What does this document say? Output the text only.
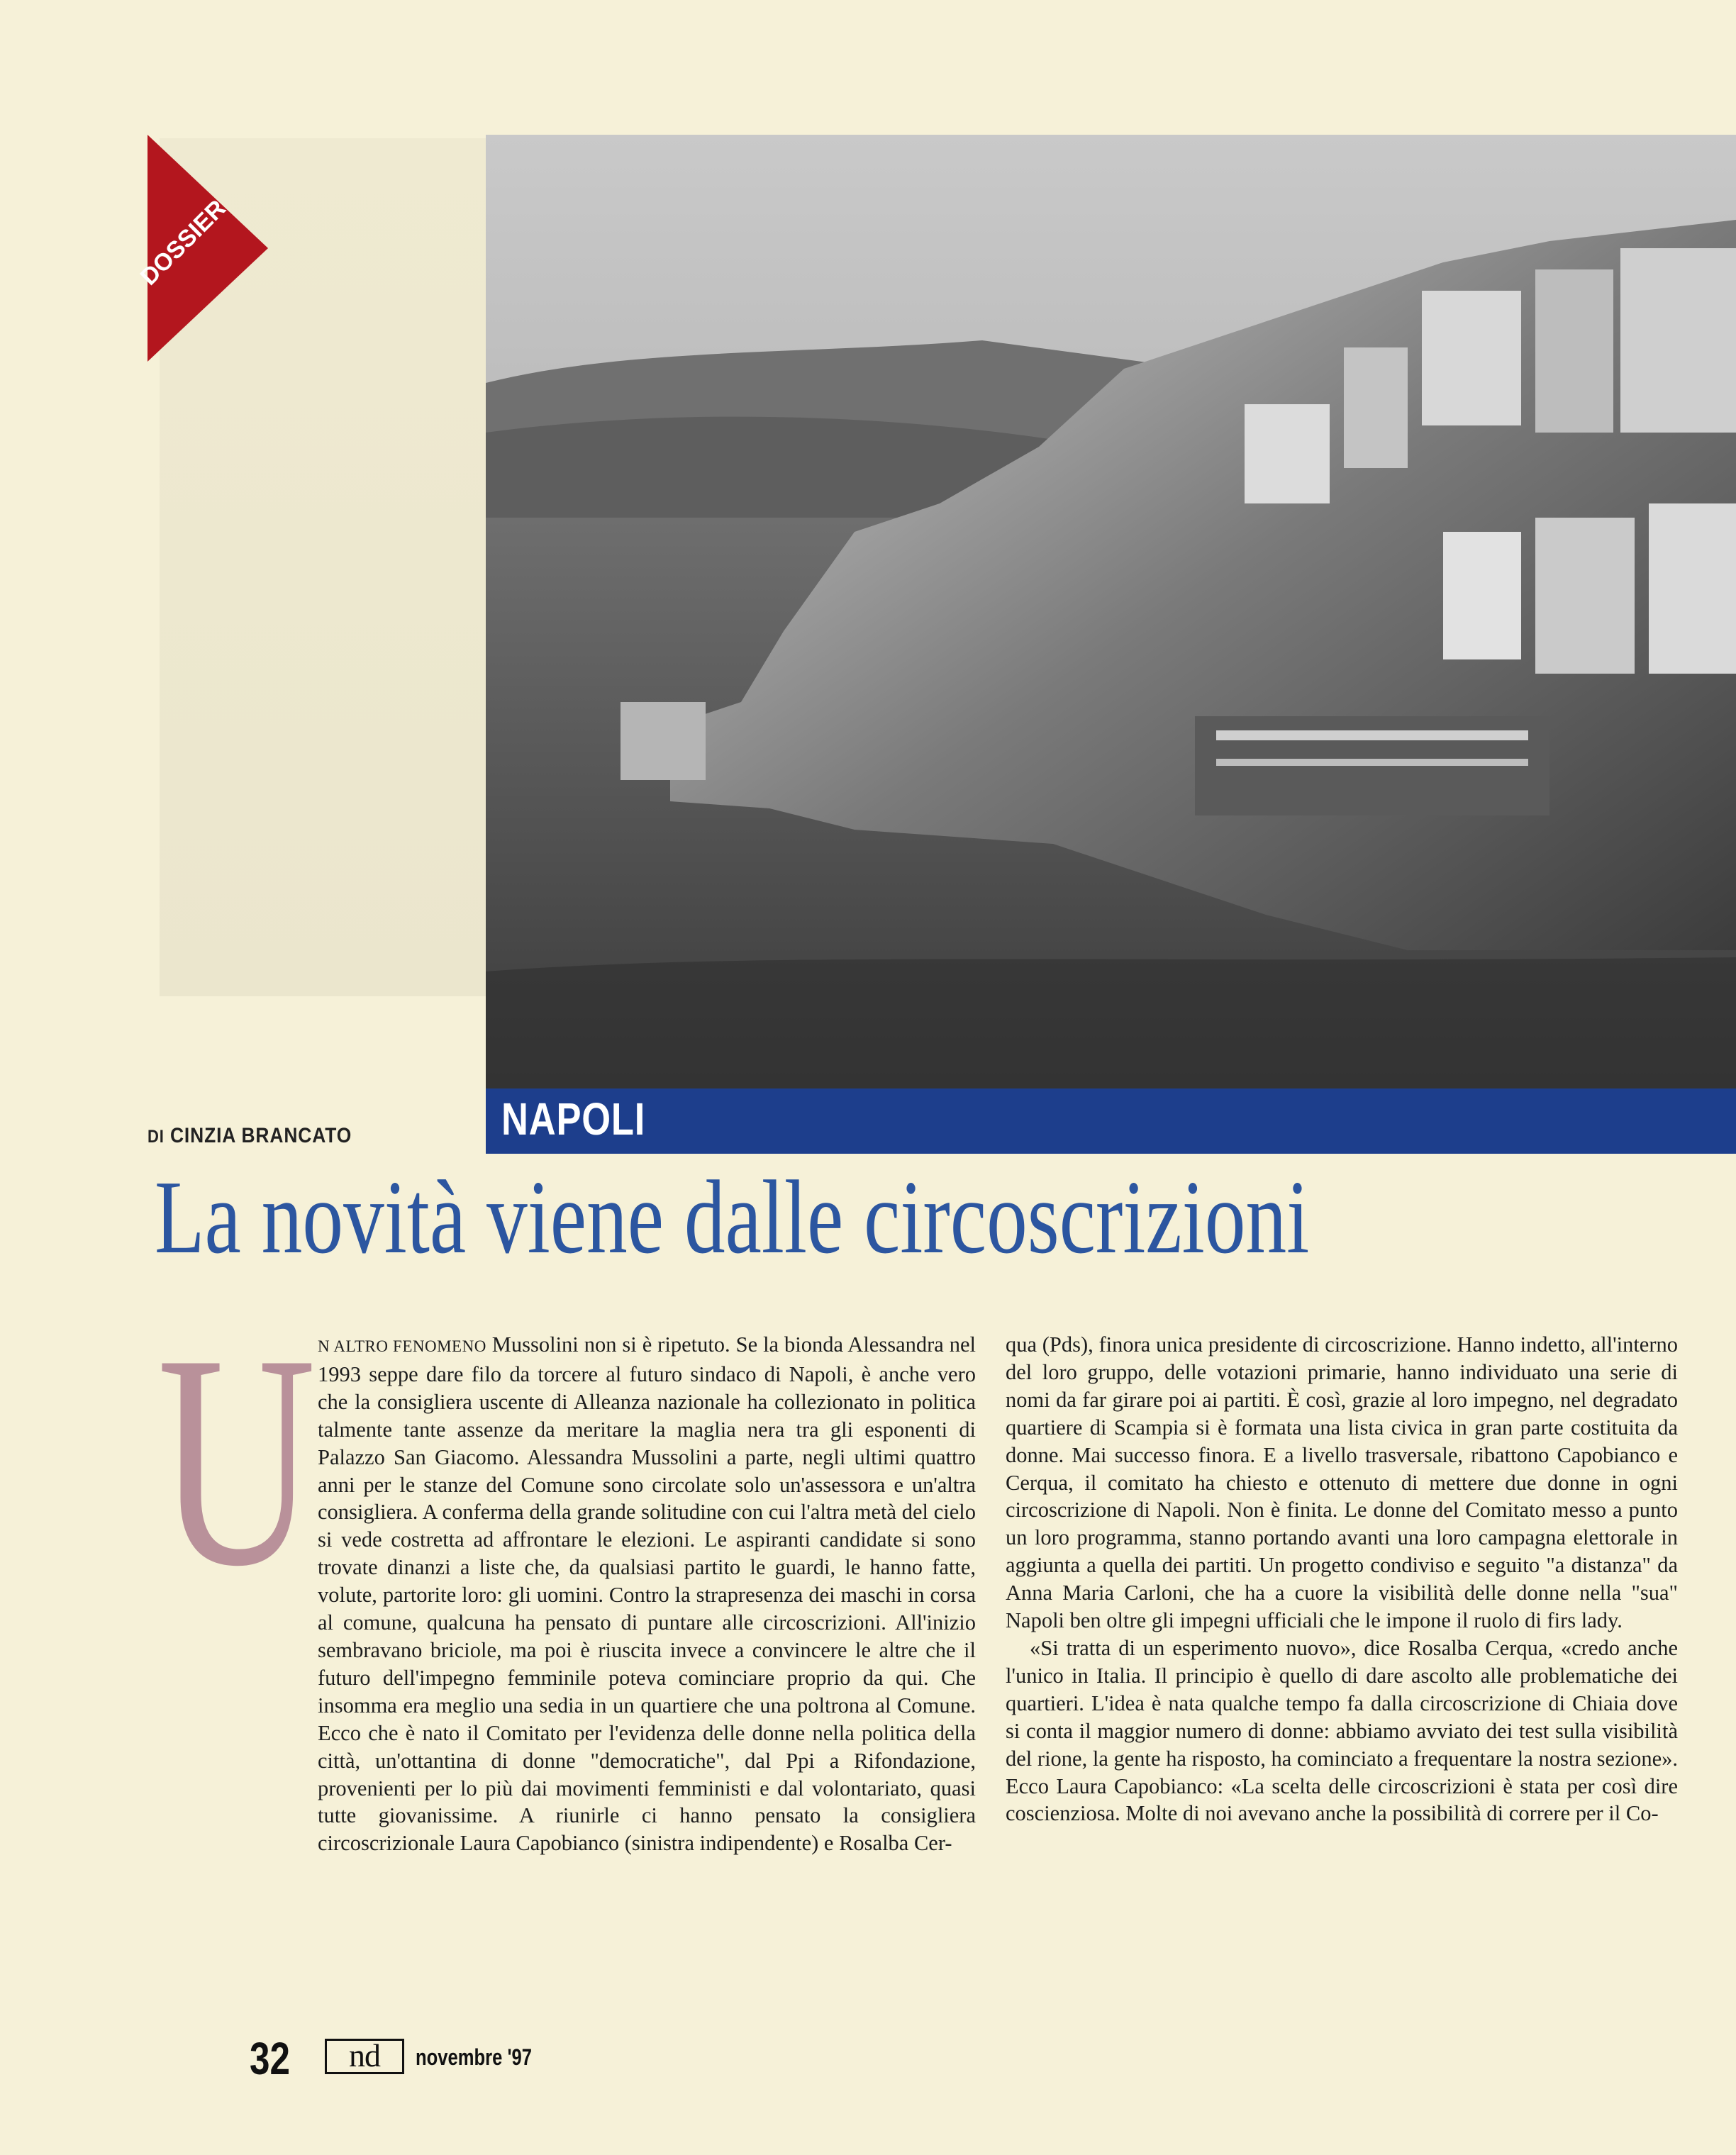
DOSSIER
NAPOLI
DI CINZIA BRANCATO
La novità viene dalle circoscrizioni
U N ALTRO FENOMENO Mussolini non si è ripetuto. Se la bionda Alessandra nel 1993 seppe dare filo da torcere al futuro sindaco di Napoli, è anche vero che la consigliera uscente di Alleanza nazionale ha collezionato in politica talmente tante assenze da meritare la maglia nera tra gli esponenti di Palazzo San Giacomo. Alessandra Mussolini a parte, negli ultimi quattro anni per le stanze del Comune sono circolate solo un'assessora e un'altra consigliera. A conferma della grande solitudine con cui l'altra metà del cielo si vede costretta ad affrontare le elezioni. Le aspiranti candidate si sono trovate dinanzi a liste che, da qualsiasi partito le guardi, le hanno fatte, volute, partorite loro: gli uomini. Contro la strapresenza dei maschi in corsa al comune, qualcuna ha pensato di puntare alle circoscrizioni. All'inizio sembravano briciole, ma poi è riuscita invece a convincere le altre che il futuro dell'impegno femminile poteva cominciare proprio da qui. Che insomma era meglio una sedia in un quartiere che una poltrona al Comune. Ecco che è nato il Comitato per l'evidenza delle donne nella politica della città, un'ottantina di donne "democratiche", dal Ppi a Rifondazione, provenienti per lo più dai movimenti femministi e dal volontariato, quasi tutte giovanissime. A riunirle ci hanno pensato la consigliera circoscrizionale Laura Capobianco (sinistra indipendente) e Rosalba Cer-

qua (Pds), finora unica presidente di circoscrizione. Hanno indetto, all'interno del loro gruppo, delle votazioni primarie, hanno individuato una serie di nomi da far girare poi ai partiti. È così, grazie al loro impegno, nel degradato quartiere di Scampia si è formata una lista civica in gran parte costituita da donne. Mai successo finora. E a livello trasversale, ribattono Capobianco e Cerqua, il comitato ha chiesto e ottenuto di mettere due donne in ogni circoscrizione di Napoli. Non è finita. Le donne del Comitato messo a punto un loro programma, stanno portando avanti una loro campagna elettorale in aggiunta a quella dei partiti. Un progetto condiviso e seguito "a distanza" da Anna Maria Carloni, che ha a cuore la visibilità delle donne nella "sua" Napoli ben oltre gli impegni ufficiali che le impone il ruolo di firs lady.

«Si tratta di un esperimento nuovo», dice Rosalba Cerqua, «credo anche l'unico in Italia. Il principio è quello di dare ascolto alle problematiche dei quartieri. L'idea è nata qualche tempo fa dalla circoscrizione di Chiaia dove si conta il maggior numero di donne: abbiamo avviato dei test sulla visibilità del rione, la gente ha risposto, ha cominciato a frequentare la nostra sezione». Ecco Laura Capobianco: «La scelta delle circoscrizioni è stata per così dire coscienziosa. Molte di noi avevano anche la possibilità di correre per il Co-

32	nd	novembre '97
